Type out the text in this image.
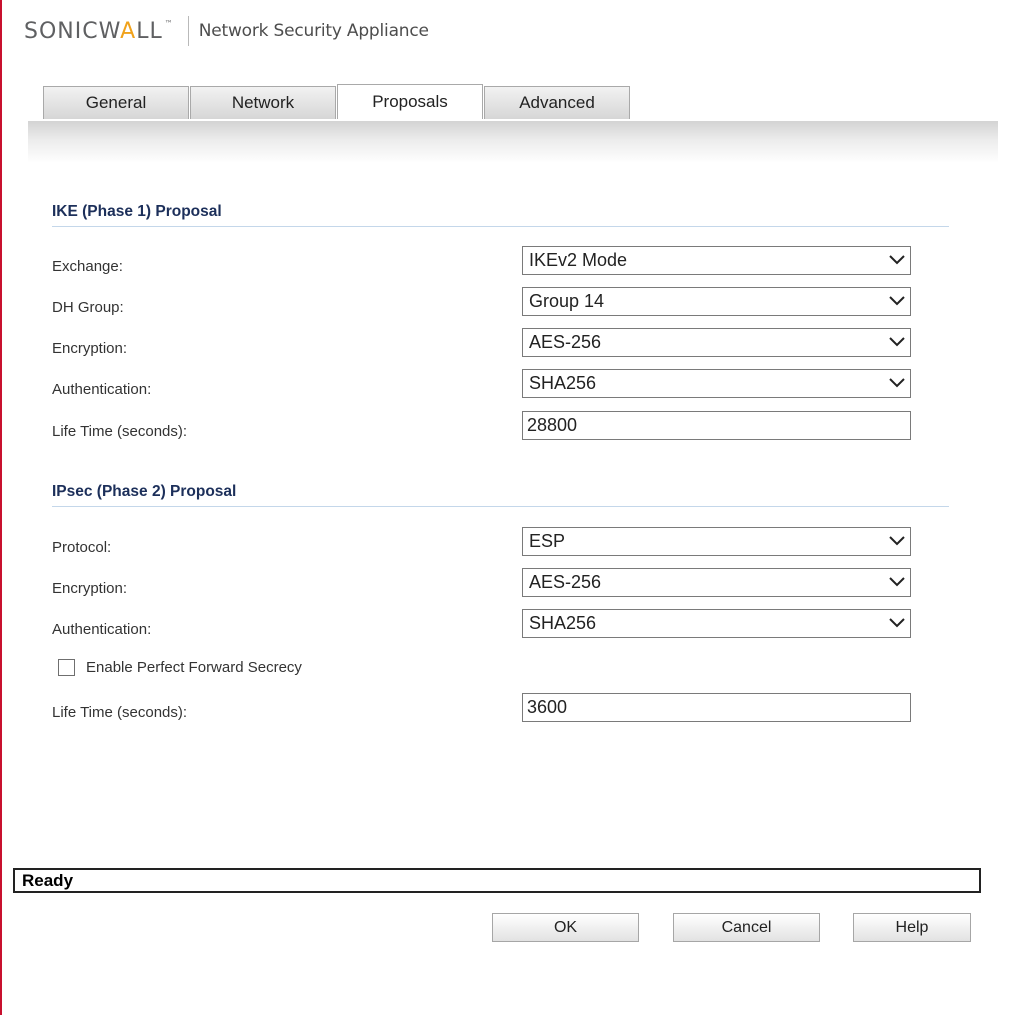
SONICWALL ™ Network Security Appliance
General	Network	Proposals	Advanced
IKE (Phase 1) Proposal
Exchange:	IKEv2 Mode
DH Group:	Group 14
Encryption:	AES-256
Authentication:	SHA256
Life Time (seconds):
28800
IPsec (Phase 2) Proposal
Protocol:	ESP
Encryption:	AES-256
Authentication:	SHA256
Enable Perfect Forward Secrecy
Life Time (seconds):
3600
Ready
OK	Cancel	Help
